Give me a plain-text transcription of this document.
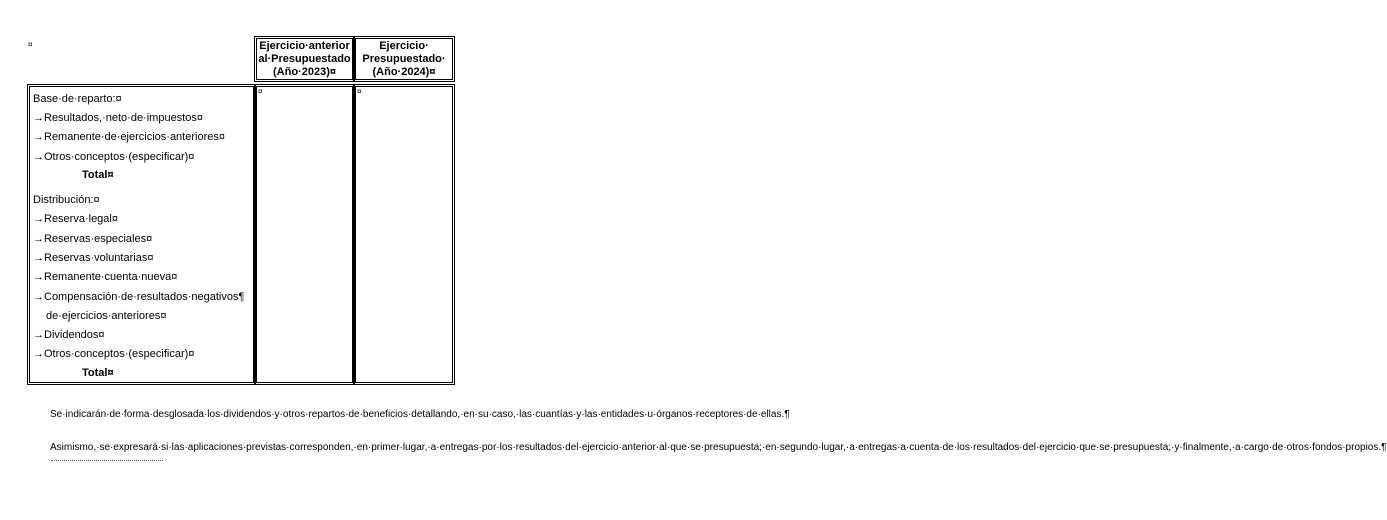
¤	Ejercicio·anterior
al·Presupuestado
(Año·2023)¤
Ejercicio·
Presupuestado·
(Año·2024)¤
Base·de·reparto:¤
→Resultados,·neto·de·impuestos¤
→Remanente·de·ejercicios·anteriores¤
→Otros·conceptos·(especificar)¤
Total¤
Distribución:¤
→Reserva·legal¤
→Reservas·especiales¤
→Reservas·voluntarias¤
→Remanente·cuenta·nueva¤
→Compensación·de·resultados·negativos¶
de·ejercicios·anteriores¤
→Dividendos¤
→Otros·conceptos·(especificar)¤
Total¤
¤	¤
Se·indicarán·de·forma·desglosada·los·dividendos·y·otros·repartos·de·beneficios·detallando,·en·su·caso,·las·cuantías·y·las·entidades·u·órganos·receptores·de·ellas.¶
Asimismo,·se·expresará·si·las·aplicaciones·previstas·corresponden,·en·primer·lugar,·a·entregas·por·los·resultados·del·ejercicio·anterior·al·que·se·presupuesta;·en·segundo·lugar,·a·entregas·a·cuenta·de·los·resultados·del·ejercicio·que·se·presupuesta;·y·finalmente,·a·cargo·de·otros·fondos·propios.¶
